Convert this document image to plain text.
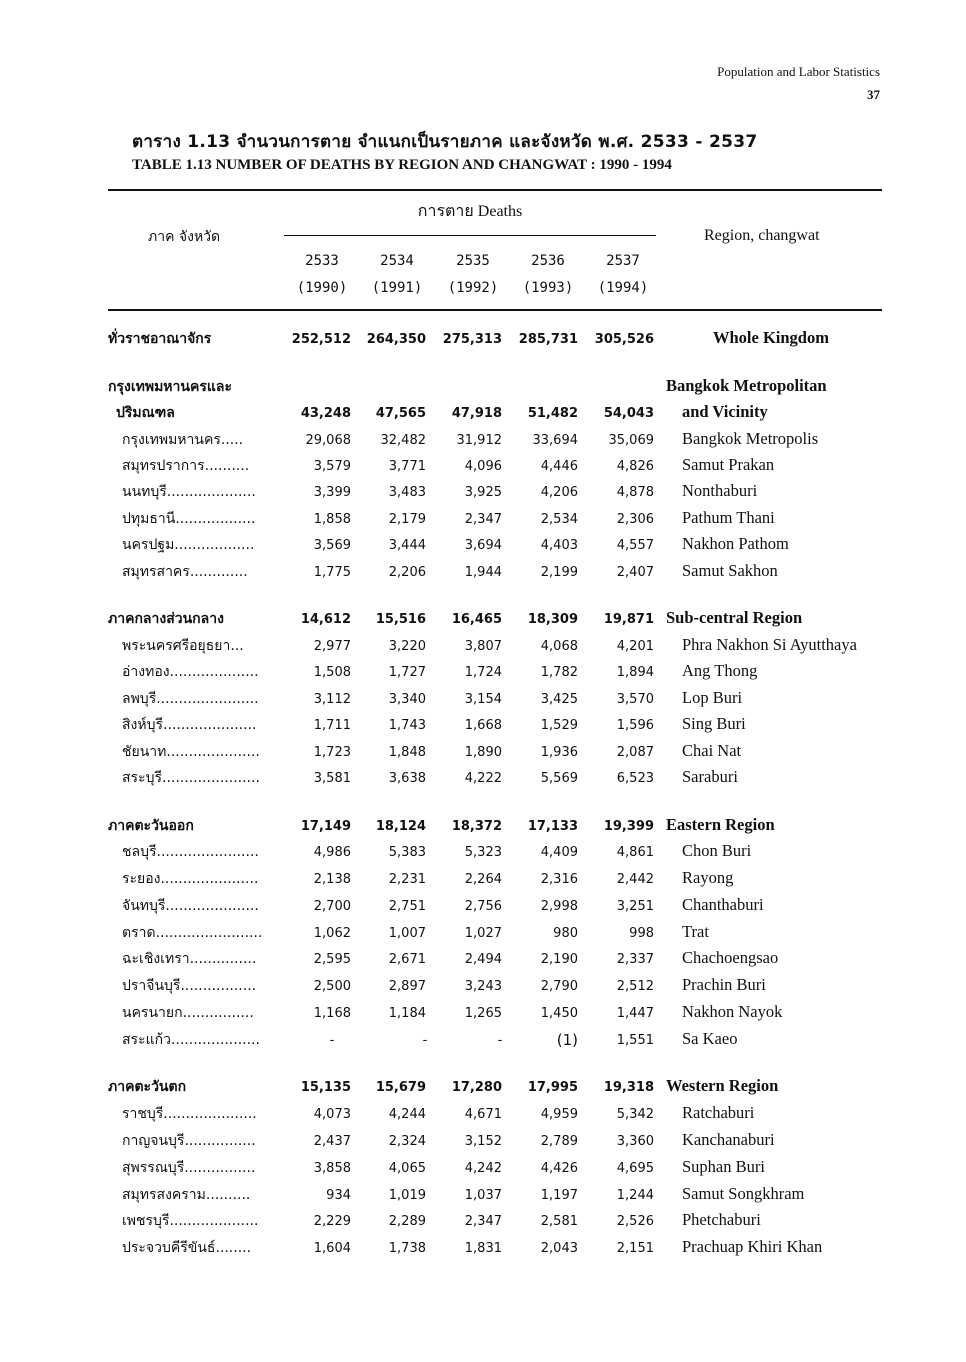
Population and Labor Statistics
37
ตาราง 1.13 จำนวนการตาย จำแนกเป็นรายภาค และจังหวัด พ.ศ. 2533 - 2537
TABLE 1.13 NUMBER OF DEATHS BY REGION AND CHANGWAT : 1990 - 1994
ภาค จังหวัด
การตาย Deaths
Region, changwat
2533	2534	2535	2536	2537
(1990)	(1991)	(1992)	(1993)	(1994)
ทั่วราชอาณาจักร	252,512	264,350	275,313	285,731	305,526	Whole Kingdom
กรุงเทพมหานครและ	Bangkok Metropolitan
ปริมณฑล	43,248	47,565	47,918	51,482	54,043 and Vicinity
กรุงเทพมหานคร.....	29,068	32,482	31,912	33,694	35,069 Bangkok Metropolis
สมุทรปราการ..........	3,579	3,771	4,096	4,446	4,826 Samut Prakan
นนทบุรี....................	3,399	3,483	3,925	4,206	4,878 Nonthaburi
ปทุมธานี..................	1,858	2,179	2,347	2,534	2,306 Pathum Thani
นครปฐม..................	3,569	3,444	3,694	4,403	4,557 Nakhon Pathom
สมุทรสาคร.............	1,775	2,206	1,944	2,199	2,407 Samut Sakhon
ภาคกลางส่วนกลาง	14,612	15,516	16,465	18,309	19,871 Sub-central Region
พระนครศรีอยุธยา...	2,977	3,220	3,807	4,068	4,201 Phra Nakhon Si Ayutthaya
อ่างทอง....................	1,508	1,727	1,724	1,782	1,894 Ang Thong
ลพบุรี.......................	3,112	3,340	3,154	3,425	3,570 Lop Buri
สิงห์บุรี.....................	1,711	1,743	1,668	1,529	1,596 Sing Buri
ชัยนาท.....................	1,723	1,848	1,890	1,936	2,087 Chai Nat
สระบุรี......................	3,581	3,638	4,222	5,569	6,523 Saraburi
ภาคตะวันออก	17,149	18,124	18,372	17,133	19,399 Eastern Region
ชลบุรี.......................	4,986	5,383	5,323	4,409	4,861 Chon Buri
ระยอง......................	2,138	2,231	2,264	2,316	2,442 Rayong
จันทบุรี.....................	2,700	2,751	2,756	2,998	3,251 Chanthaburi
ตราด........................	1,062	1,007	1,027	980	998 Trat
ฉะเชิงเทรา...............	2,595	2,671	2,494	2,190	2,337 Chachoengsao
ปราจีนบุรี.................	2,500	2,897	3,243	2,790	2,512 Prachin Buri
นครนายก................	1,168	1,184	1,265	1,450	1,447 Nakhon Nayok
สระแก้ว....................	-	-	-	(1)	1,551 Sa Kaeo
ภาคตะวันตก	15,135	15,679	17,280	17,995	19,318 Western Region
ราชบุรี.....................	4,073	4,244	4,671	4,959	5,342 Ratchaburi
กาญจนบุรี................	2,437	2,324	3,152	2,789	3,360 Kanchanaburi
สุพรรณบุรี................	3,858	4,065	4,242	4,426	4,695 Suphan Buri
สมุทรสงคราม..........	934	1,019	1,037	1,197	1,244 Samut Songkhram
เพชรบุรี....................	2,229	2,289	2,347	2,581	2,526 Phetchaburi
ประจวบคีรีขันธ์........	1,604	1,738	1,831	2,043	2,151 Prachuap Khiri Khan
